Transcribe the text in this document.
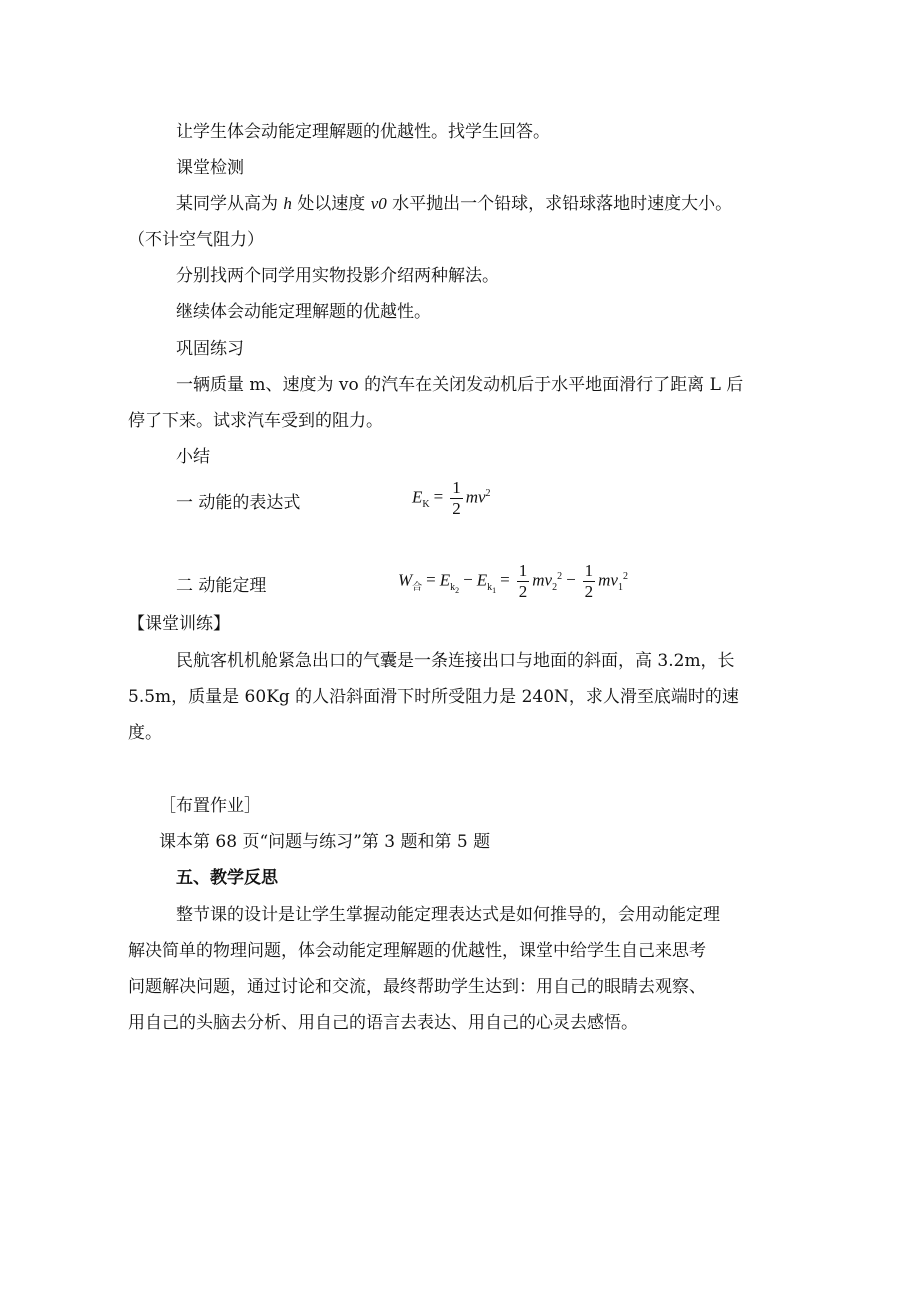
让学生体会动能定理解题的优越性。找学生回答。
课堂检测
某同学从高为 h 处以速度 v0 水平抛出一个铅球，求铅球落地时速度大小。
（不计空气阻力）
分别找两个同学用实物投影介绍两种解法。
继续体会动能定理解题的优越性。
巩固练习
一辆质量 m、速度为 vo 的汽车在关闭发动机后于水平地面滑行了距离 L 后
停了下来。试求汽车受到的阻力。
小结
一 动能的表达式	$E_K = \frac{1}{2} mv^2$
二 动能定理	$W_合 = E_{k_2}- E_{k_1}= \frac{1}{2} mv_2^2 - \frac{1}{2} mv_1^2$
【课堂训练】
民航客机机舱紧急出口的气囊是一条连接出口与地面的斜面，高 3.2m，长
5.5m，质量是 60Kg 的人沿斜面滑下时所受阻力是 240N，求人滑至底端时的速
度。
［布置作业］
课本第 68 页“问题与练习”第 3 题和第 5 题
五、教学反思
整节课的设计是让学生掌握动能定理表达式是如何推导的，会用动能定理
解决简单的物理问题，体会动能定理解题的优越性，课堂中给学生自己来思考
问题解决问题，通过讨论和交流，最终帮助学生达到：用自己的眼睛去观察、
用自己的头脑去分析、用自己的语言去表达、用自己的心灵去感悟。
